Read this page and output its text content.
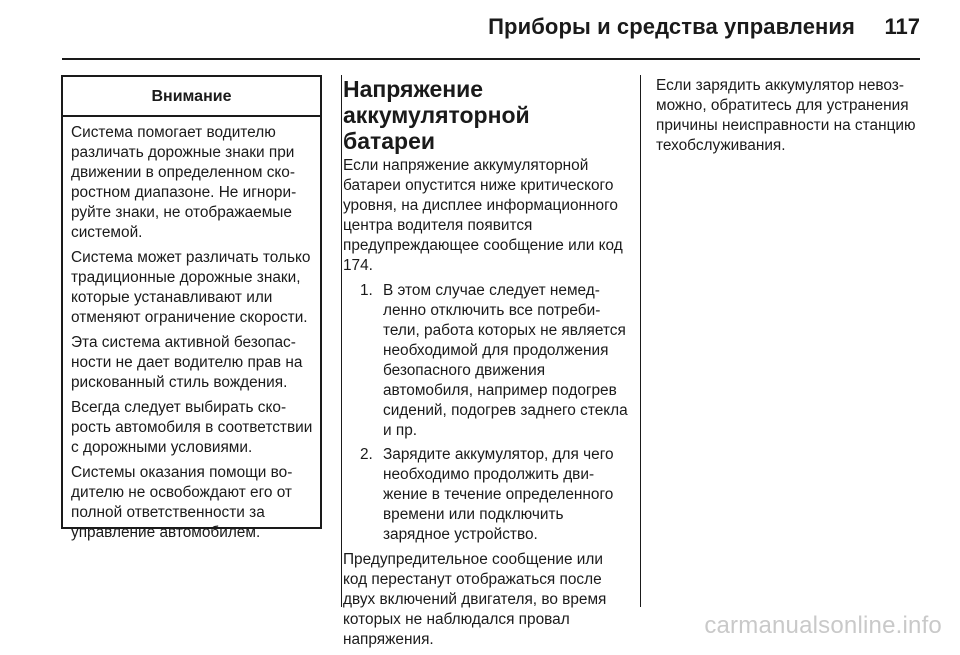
Приборы и средства управления 117
Внимание

Система помогает водителю различать дорожные знаки при движении в определенном скоростном диапазоне. Не игнорируйте знаки, не отображаемые системой.

Система может различать только традиционные дорожные знаки, которые устанавливают или отменяют ограничение скорости.

Эта система активной безопасности не дает водителю прав на рискованный стиль вождения.

Всегда следует выбирать скорость автомобиля в соответствии с дорожными условиями.

Системы оказания помощи водителю не освобождают его от полной ответственности за управление автомобилем.

Напряжение аккумуляторной батареи

Если напряжение аккумуляторной батареи опустится ниже критического уровня, на дисплее информационного центра водителя появится предупреждающее сообщение или код 174.

1. В этом случае следует немедленно отключить все потребители, работа которых не является необходимой для продолжения безопасного движения автомобиля, например подогрев сидений, подогрев заднего стекла и пр.
2. Зарядите аккумулятор, для чего необходимо продолжить движение в течение определенного времени или подключить зарядное устройство.

Предупредительное сообщение или код перестанут отображаться после двух включений двигателя, во время которых не наблюдался провал напряжения.

Если зарядить аккумулятор невозможно, обратитесь для устранения причины неисправности на станцию техобслуживания.

carmanualsonline.info
